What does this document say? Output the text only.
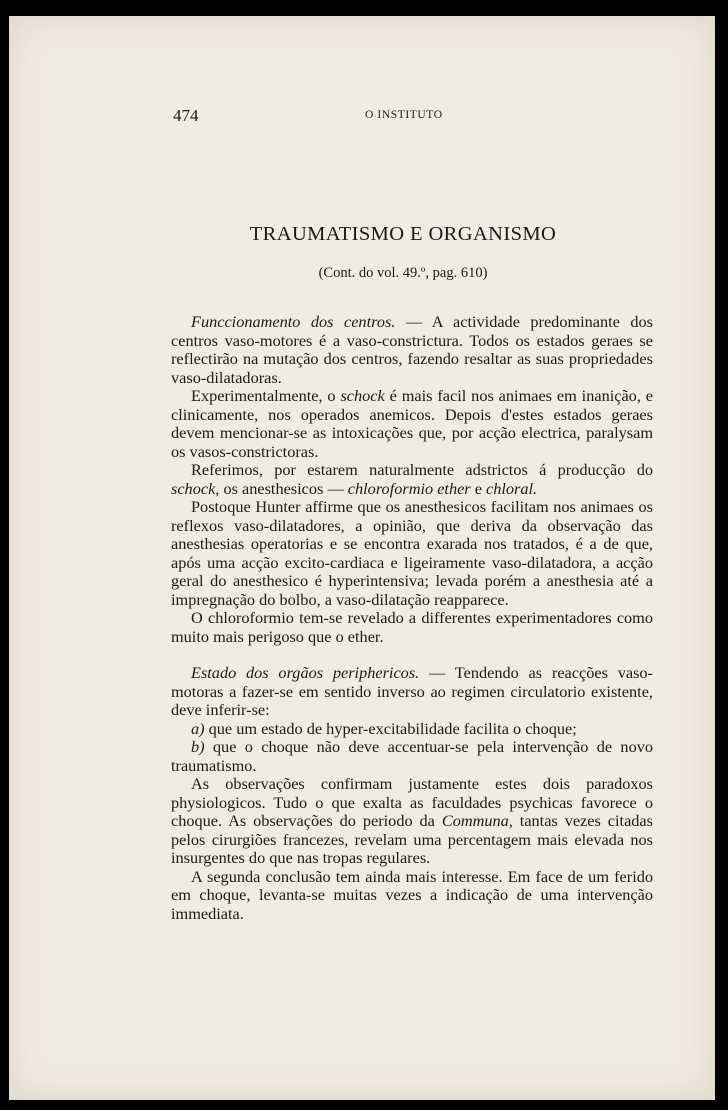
474	O INSTITUTO
TRAUMATISMO E ORGANISMO
(Cont. do vol. 49.º, pag. 610)

Funccionamento dos centros. — A actividade predominante dos centros vaso-motores é a vaso-constrictura. Todos os estados geraes se reflectirão na mutação dos centros, fazendo resaltar as suas propriedades vaso-dilatadoras.

Experimentalmente, o schock é mais facil nos animaes em inanição, e clinicamente, nos operados anemicos. Depois d'estes estados geraes devem mencionar-se as intoxicações que, por acção electrica, paralysam os vasos-constrictoras.

Referimos, por estarem naturalmente adstrictos á producção do schock, os anesthesicos — chloroformio ether e chloral.

Postoque Hunter affirme que os anesthesicos facilitam nos animaes os reflexos vaso-dilatadores, a opinião, que deriva da observação das anesthesias operatorias e se encontra exarada nos tratados, é a de que, após uma acção excito-cardiaca e ligeiramente vaso-dilatadora, a acção geral do anesthesico é hyperintensiva; levada porém a anesthesia até a impregnação do bolbo, a vaso-dilatação reapparece.

O chloroformio tem-se revelado a differentes experimentadores como muito mais perigoso que o ether.

Estado dos orgãos periphericos. — Tendendo as reacções vaso-motoras a fazer-se em sentido inverso ao regimen circulatorio existente, deve inferir-se:

a) que um estado de hyper-excitabilidade facilita o choque;

b) que o choque não deve accentuar-se pela intervenção de novo traumatismo.

As observações confirmam justamente estes dois paradoxos physiologicos. Tudo o que exalta as faculdades psychicas favorece o choque. As observações do periodo da Communa, tantas vezes citadas pelos cirurgiões francezes, revelam uma percentagem mais elevada nos insurgentes do que nas tropas regulares.

A segunda conclusão tem ainda mais interesse. Em face de um ferido em choque, levanta-se muitas vezes a indicação de uma intervenção immediata.
